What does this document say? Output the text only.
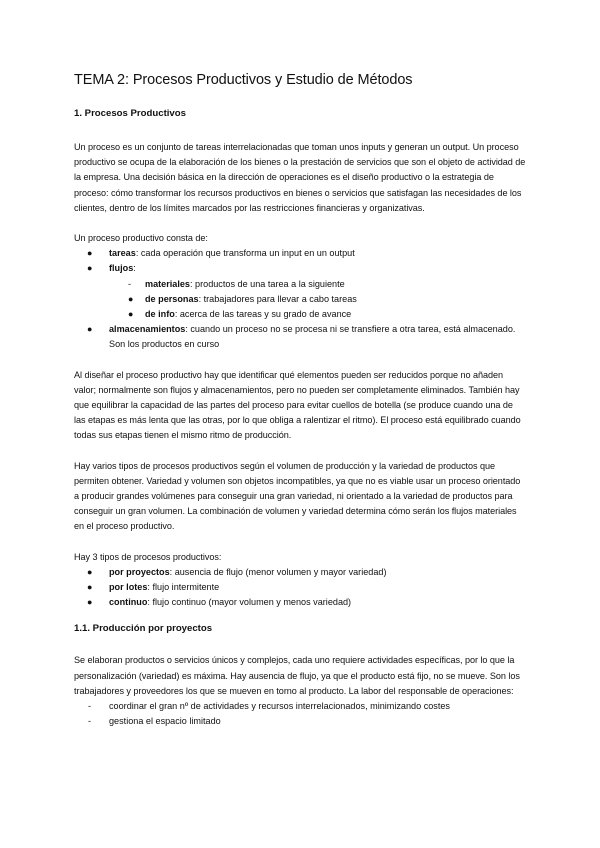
TEMA 2: Procesos Productivos y Estudio de Métodos
1. Procesos Productivos

Un proceso es un conjunto de tareas interrelacionadas que toman unos inputs y generan un output. Un proceso productivo se ocupa de la elaboración de los bienes o la prestación de servicios que son el objeto de actividad de la empresa. Una decisión básica en la dirección de operaciones es el diseño productivo o la estrategia de proceso: cómo transformar los recursos productivos en bienes o servicios que satisfagan las necesidades de los clientes, dentro de los límites marcados por las restricciones financieras y organizativas.

Un proceso productivo consta de:

● tareas: cada operación que transforma un input en un output
● flujos:
- materiales: productos de una tarea a la siguiente
● de personas: trabajadores para llevar a cabo tareas
● de info: acerca de las tareas y su grado de avance
● almacenamientos: cuando un proceso no se procesa ni se transfiere a otra tarea, está almacenado. Son los productos en curso

Al diseñar el proceso productivo hay que identificar qué elementos pueden ser reducidos porque no añaden valor; normalmente son flujos y almacenamientos, pero no pueden ser completamente eliminados. También hay que equilibrar la capacidad de las partes del proceso para evitar cuellos de botella (se produce cuando una de las etapas es más lenta que las otras, por lo que obliga a ralentizar el ritmo). El proceso está equilibrado cuando todas sus etapas tienen el mismo ritmo de producción.

Hay varios tipos de procesos productivos según el volumen de producción y la variedad de productos que permiten obtener. Variedad y volumen son objetos incompatibles, ya que no es viable usar un proceso orientado a producir grandes volúmenes para conseguir una gran variedad, ni orientado a la variedad de productos para conseguir un gran volumen. La combinación de volumen y variedad determina cómo serán los flujos materiales en el proceso productivo.

Hay 3 tipos de procesos productivos:

● por proyectos: ausencia de flujo (menor volumen y mayor variedad)
● por lotes: flujo intermitente
● continuo: flujo continuo (mayor volumen y menos variedad)
1.1. Producción por proyectos

Se elaboran productos o servicios únicos y complejos, cada uno requiere actividades específicas, por lo que la personalización (variedad) es máxima. Hay ausencia de flujo, ya que el producto está fijo, no se mueve. Son los trabajadores y proveedores los que se mueven en torno al producto. La labor del responsable de operaciones:

- coordinar el gran nº de actividades y recursos interrelacionados, minimizando costes
- gestiona el espacio limitado
